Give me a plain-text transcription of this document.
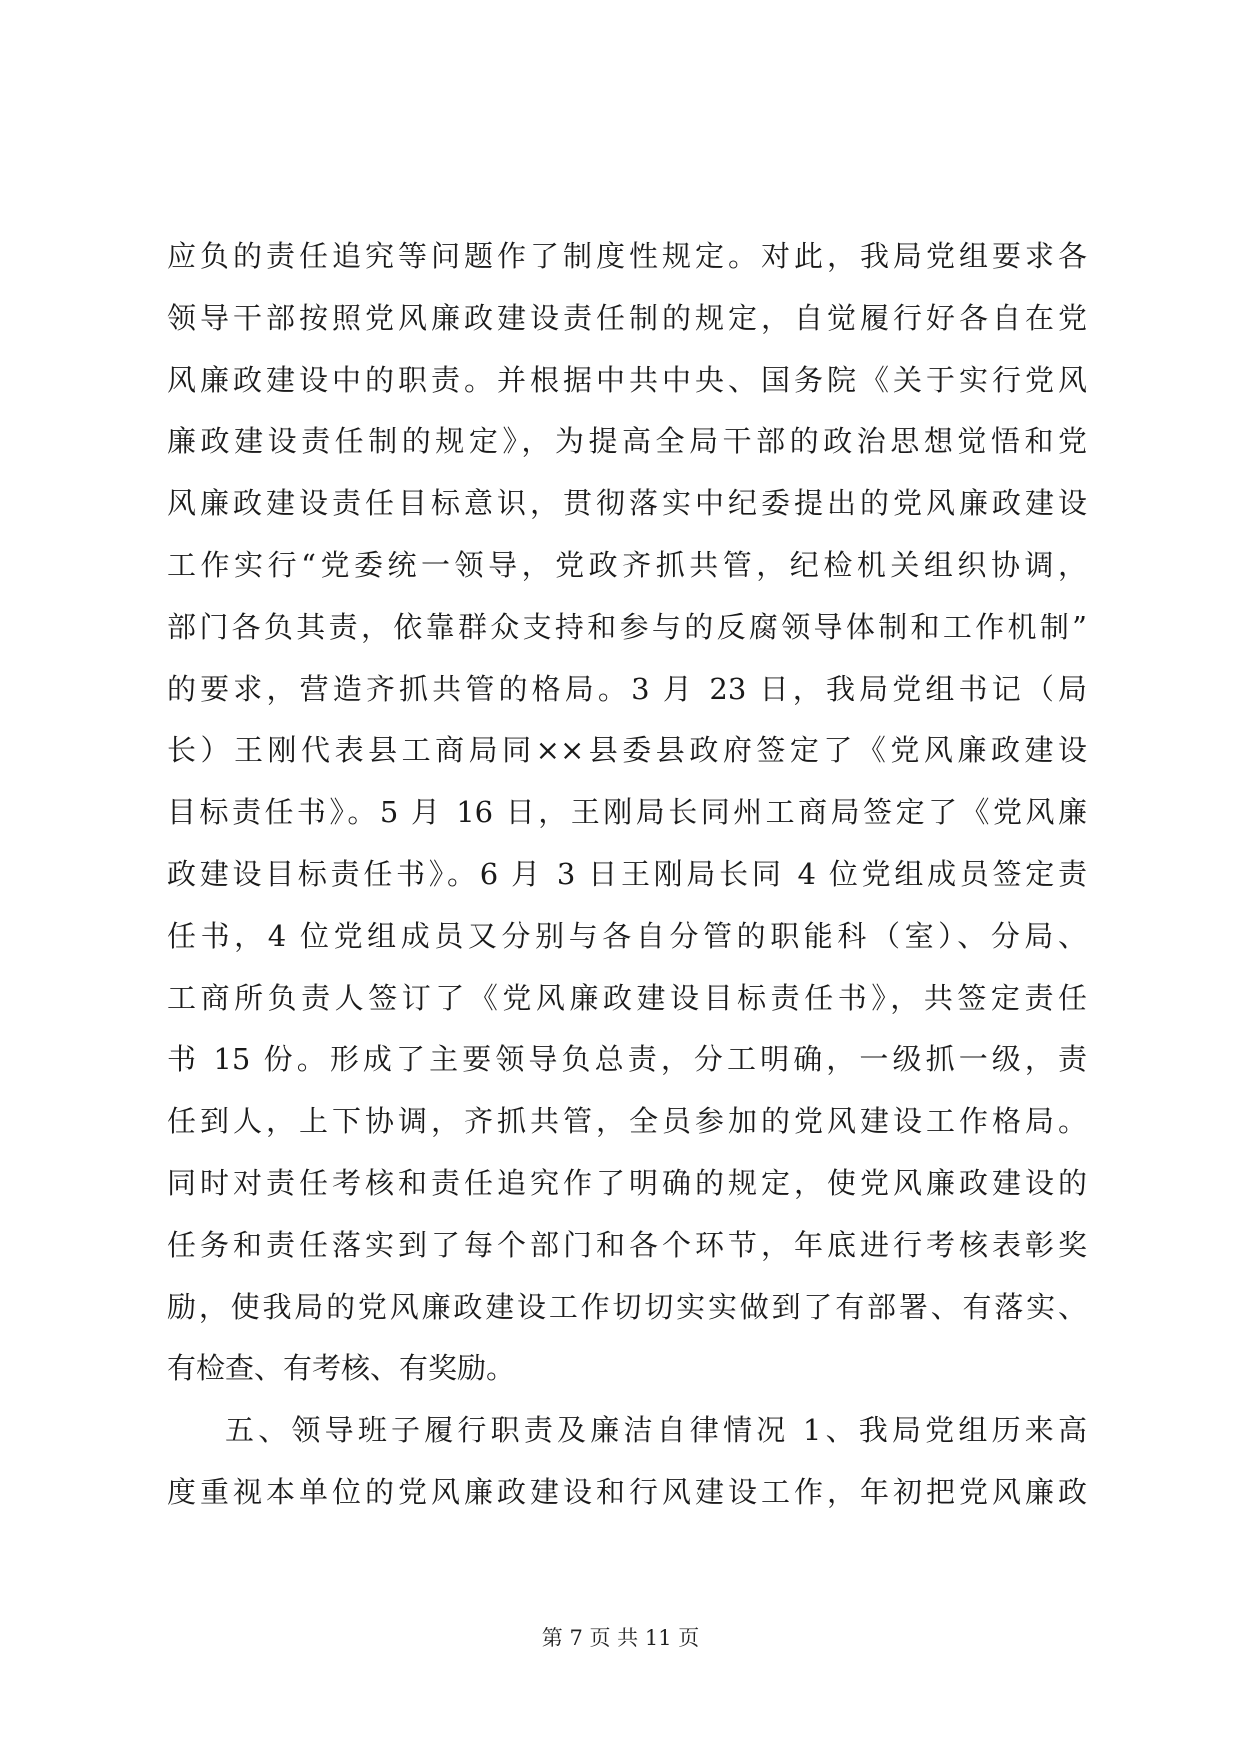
应负的责任追究等问题作了制度性规定。对此，我局党组要求各
领导干部按照党风廉政建设责任制的规定，自觉履行好各自在党
风廉政建设中的职责。并根据中共中央、国务院《关于实行党风
廉政建设责任制的规定》，为提高全局干部的政治思想觉悟和党
风廉政建设责任目标意识，贯彻落实中纪委提出的党风廉政建设
工作实行“党委统一领导，党政齐抓共管，纪检机关组织协调，
部门各负其责，依靠群众支持和参与的反腐领导体制和工作机制”
的要求，营造齐抓共管的格局。3 月 23 日，我局党组书记（局
长）王刚代表县工商局同××县委县政府签定了《党风廉政建设
目标责任书》。5 月 16 日，王刚局长同州工商局签定了《党风廉
政建设目标责任书》。6 月 3 日王刚局长同 4 位党组成员签定责
任书，4 位党组成员又分别与各自分管的职能科（室）、分局、
工商所负责人签订了《党风廉政建设目标责任书》，共签定责任
书 15 份。形成了主要领导负总责，分工明确，一级抓一级，责
任到人，上下协调，齐抓共管，全员参加的党风建设工作格局。
同时对责任考核和责任追究作了明确的规定，使党风廉政建设的
任务和责任落实到了每个部门和各个环节，年底进行考核表彰奖
励，使我局的党风廉政建设工作切切实实做到了有部署、有落实、
有检查、有考核、有奖励。
五、领导班子履行职责及廉洁自律情况 1、我局党组历来高
度重视本单位的党风廉政建设和行风建设工作，年初把党风廉政
第 7 页 共 11 页
